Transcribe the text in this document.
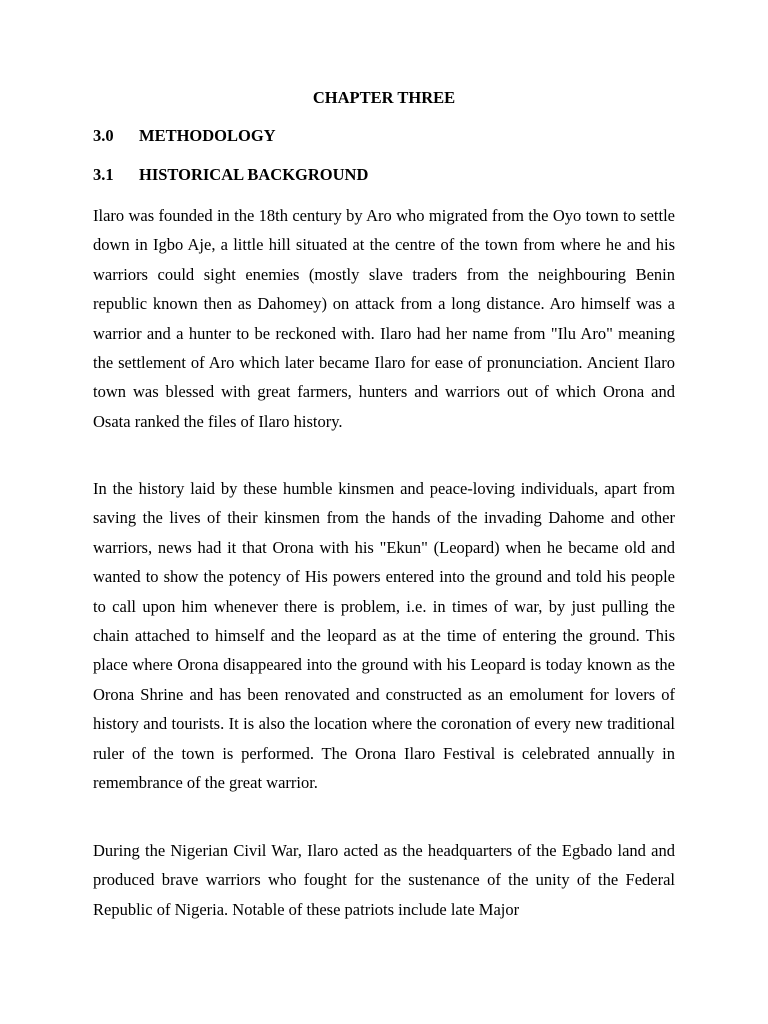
CHAPTER THREE
3.0 METHODOLOGY
3.1 HISTORICAL BACKGROUND

Ilaro was founded in the 18th century by Aro who migrated from the Oyo town to settle down in Igbo Aje, a little hill situated at the centre of the town from where he and his warriors could sight enemies (mostly slave traders from the neighbouring Benin republic known then as Dahomey) on attack from a long distance. Aro himself was a warrior and a hunter to be reckoned with. Ilaro had her name from "Ilu Aro" meaning the settlement of Aro which later became Ilaro for ease of pronunciation. Ancient Ilaro town was blessed with great farmers, hunters and warriors out of which Orona and Osata ranked the files of Ilaro history.

In the history laid by these humble kinsmen and peace-loving individuals, apart from saving the lives of their kinsmen from the hands of the invading Dahome and other warriors, news had it that Orona with his "Ekun" (Leopard) when he became old and wanted to show the potency of His powers entered into the ground and told his people to call upon him whenever there is problem, i.e. in times of war, by just pulling the chain attached to himself and the leopard as at the time of entering the ground. This place where Orona disappeared into the ground with his Leopard is today known as the Orona Shrine and has been renovated and constructed as an emolument for lovers of history and tourists. It is also the location where the coronation of every new traditional ruler of the town is performed. The Orona Ilaro Festival is celebrated annually in remembrance of the great warrior.

During the Nigerian Civil War, Ilaro acted as the headquarters of the Egbado land and produced brave warriors who fought for the sustenance of the unity of the Federal Republic of Nigeria. Notable of these patriots include late Major
